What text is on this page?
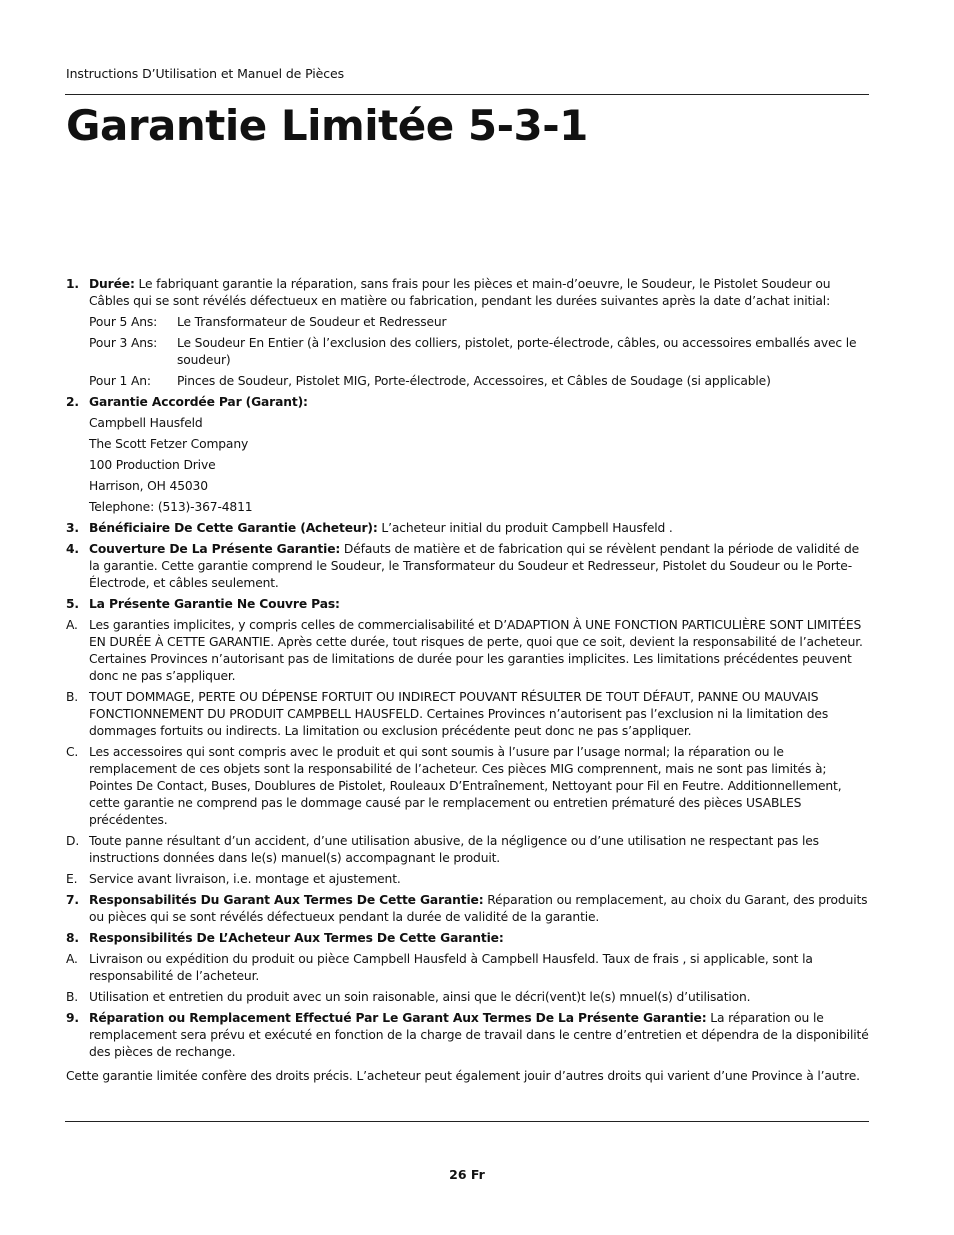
Instructions D’Utilisation et Manuel de Pièces
Garantie Limitée 5-3-1
1. Durée: Le fabriquant garantie la réparation, sans frais pour les pièces et main-d’oeuvre, le Soudeur, le Pistolet Soudeur ou Câbles qui se sont révélés défectueux en matière ou fabrication, pendant les durées suivantes après la date d’achat initial:
Pour 5 Ans:	Le Transformateur de Soudeur et Redresseur
Pour 3 Ans:	Le Soudeur En Entier (à l’exclusion des colliers, pistolet, porte-électrode, câbles, ou accessoires emballés avec le soudeur)
Pour 1 An:	Pinces de Soudeur, Pistolet MIG, Porte-électrode, Accessoires, et Câbles de Soudage (si applicable)
2. Garantie Accordée Par (Garant):
Campbell Hausfeld
The Scott Fetzer Company
100 Production Drive
Harrison, OH 45030
Telephone: (513)-367-4811
3. Bénéficiaire De Cette Garantie (Acheteur): L’acheteur initial du produit Campbell Hausfeld .
4. Couverture De La Présente Garantie: Défauts de matière et de fabrication qui se révèlent pendant la période de validité de la garantie. Cette garantie comprend le Soudeur, le Transformateur du Soudeur et Redresseur, Pistolet du Soudeur ou le Porte-Électrode, et câbles seulement.
5. La Présente Garantie Ne Couvre Pas:
A. Les garanties implicites, y compris celles de commercialisabilité et D’ADAPTION À UNE FONCTION PARTICULIÈRE SONT LIMITÉES EN DURÉE À CETTE GARANTIE. Après cette durée, tout risques de perte, quoi que ce soit, devient la responsabilité de l’acheteur. Certaines Provinces n’autorisant pas de limitations de durée pour les garanties implicites. Les limitations précédentes peuvent donc ne pas s’appliquer.
B. TOUT DOMMAGE, PERTE OU DÉPENSE FORTUIT OU INDIRECT POUVANT RÉSULTER DE TOUT DÉFAUT, PANNE OU MAUVAIS FONCTIONNEMENT DU PRODUIT CAMPBELL HAUSFELD. Certaines Provinces n’autorisent pas l’exclusion ni la limitation des dommages fortuits ou indirects. La limitation ou exclusion précédente peut donc ne pas s’appliquer.
C. Les accessoires qui sont compris avec le produit et qui sont soumis à l’usure par l’usage normal; la réparation ou le remplacement de ces objets sont la responsabilité de l’acheteur. Ces pièces MIG comprennent, mais ne sont pas limités à; Pointes De Contact, Buses, Doublures de Pistolet, Rouleaux D’Entraînement, Nettoyant pour Fil en Feutre. Additionnellement, cette garantie ne comprend pas le dommage causé par le remplacement ou entretien prématuré des pièces USABLES précédentes.
D. Toute panne résultant d’un accident, d’une utilisation abusive, de la négligence ou d’une utilisation ne respectant pas les instructions données dans le(s) manuel(s) accompagnant le produit.
E. Service avant livraison, i.e. montage et ajustement.
7. Responsabilités Du Garant Aux Termes De Cette Garantie: Réparation ou remplacement, au choix du Garant, des produits ou pièces qui se sont révélés défectueux pendant la durée de validité de la garantie.
8. Responsibilités De L’Acheteur Aux Termes De Cette Garantie:
A. Livraison ou expédition du produit ou pièce Campbell Hausfeld à Campbell Hausfeld. Taux de frais , si applicable, sont la responsabilité de l’acheteur.
B. Utilisation et entretien du produit avec un soin raisonable, ainsi que le décri(vent)t le(s) mnuel(s) d’utilisation.
9. Réparation ou Remplacement Effectué Par Le Garant Aux Termes De La Présente Garantie: La réparation ou le remplacement sera prévu et exécuté en fonction de la charge de travail dans le centre d’entretien et dépendra de la disponibilité des pièces de rechange.
Cette garantie limitée confère des droits précis. L’acheteur peut également jouir d’autres droits qui varient d’une Province à l’autre.
26 Fr
